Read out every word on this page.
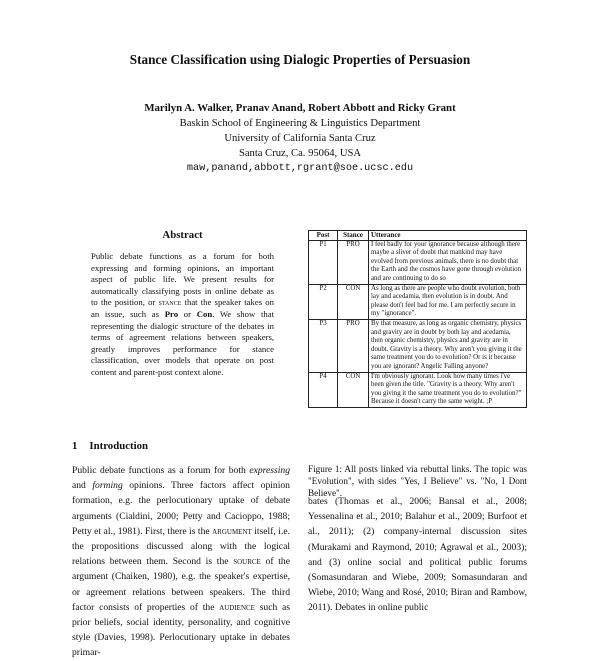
Stance Classification using Dialogic Properties of Persuasion
Marilyn A. Walker, Pranav Anand, Robert Abbott and Ricky Grant
Baskin School of Engineering & Linguistics Department
University of California Santa Cruz
Santa Cruz, Ca. 95064, USA
maw,panand,abbott,rgrant@soe.ucsc.edu
Abstract
Public debate functions as a forum for both expressing and forming opinions, an important aspect of public life. We present results for automatically classifying posts in online debate as to the position, or stance that the speaker takes on an issue, such as Pro or Con. We show that representing the dialogic structure of the debates in terms of agreement relations between speakers, greatly improves performance for stance classification, over models that operate on post content and parent-post context alone.
1 Introduction
Public debate functions as a forum for both expressing and forming opinions. Three factors affect opinion formation, e.g. the perlocutionary uptake of debate arguments (Cialdini, 2000; Petty and Cacioppo, 1988; Petty et al., 1981). First, there is the argument itself, i.e. the propositions discussed along with the logical relations between them. Second is the source of the argument (Chaiken, 1980), e.g. the speaker's expertise, or agreement relations between speakers. The third factor consists of properties of the audience such as prior beliefs, social identity, personality, and cognitive style (Davies, 1998). Perlocutionary uptake in debates primar-
Post	Stance	Utterance
P1	PRO	I feel badly for your ignorance because although there maybe a sliver of doubt that mankind may have evolved from previous animals, there is no doubt that the Earth and the cosmos have gone through evolution and are continuing to do so
P2	CON	As long as there are people who doubt evolution, both lay and acedamia, then evolution is in doubt. And please don't feel bad for me. I am perfectly secure in my "ignorance".
P3	PRO	By that measure, as long as organic chemistry, physics and gravity are in doubt by both lay and acedamia, then organic chemistry, physics and gravity are in doubt. Gravity is a theory. Why aren't you giving it the same treatment you do to evolution? Or is it because you are ignorant? Angelic Falling anyone?
P4	CON	I'm obviously ignorant. Look how many times i've been given the title. "Gravity is a theory. Why aren't you giving it the same treatment you do to evolution?" Because it doesn't carry the same weight. ;P
Figure 1: All posts linked via rebuttal links. The topic was "Evolution", with sides "Yes, I Believe" vs. "No, I Dont Believe".
bates (Thomas et al., 2006; Bansal et al., 2008; Yessenalina et al., 2010; Balahur et al., 2009; Burfoot et al., 2011); (2) company-internal discussion sites (Murakami and Raymond, 2010; Agrawal et al., 2003); and (3) online social and political public forums (Somasundaran and Wiebe, 2009; Somasundaran and Wiebe, 2010; Wang and Rosé, 2010; Biran and Rambow, 2011). Debates in online public
